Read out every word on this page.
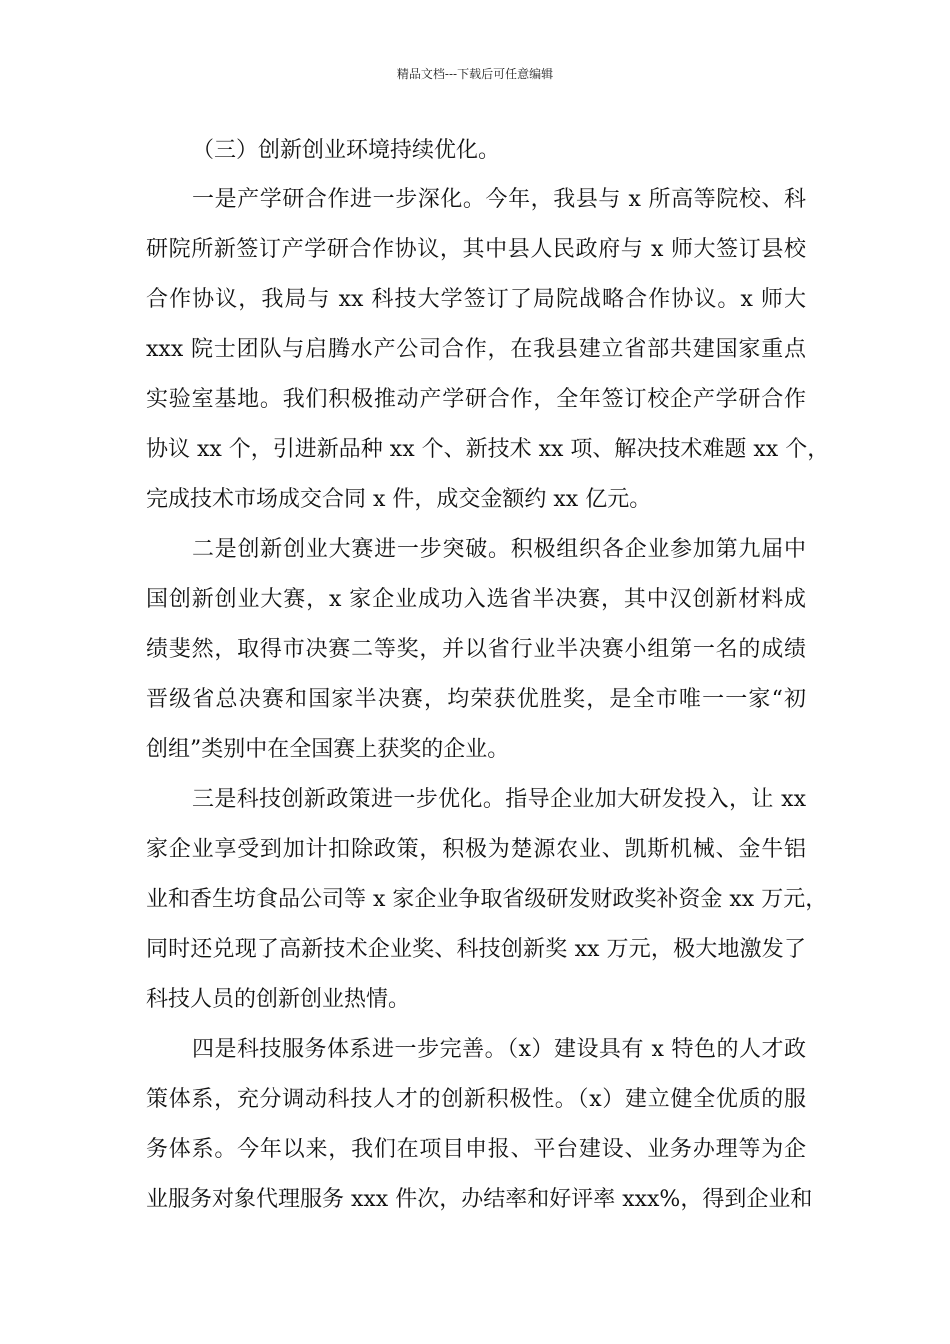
精品文档---下载后可任意编辑
（三）创新创业环境持续优化。
一是产学研合作进一步深化。今年，我县与 x 所高等院校、科
研院所新签订产学研合作协议，其中县人民政府与 x 师大签订县校
合作协议，我局与 xx 科技大学签订了局院战略合作协议。x 师大
xxx 院士团队与启腾水产公司合作，在我县建立省部共建国家重点
实验室基地。我们积极推动产学研合作，全年签订校企产学研合作
协议 xx 个，引进新品种 xx 个、新技术 xx 项、解决技术难题 xx 个，
完成技术市场成交合同 x 件，成交金额约 xx 亿元。
二是创新创业大赛进一步突破。积极组织各企业参加第九届中
国创新创业大赛，x 家企业成功入选省半决赛，其中汉创新材料成
绩斐然，取得市决赛二等奖，并以省行业半决赛小组第一名的成绩
晋级省总决赛和国家半决赛，均荣获优胜奖，是全市唯一一家“初
创组”类别中在全国赛上获奖的企业。
三是科技创新政策进一步优化。指导企业加大研发投入，让 xx
家企业享受到加计扣除政策，积极为楚源农业、凯斯机械、金牛铝
业和香生坊食品公司等 x 家企业争取省级研发财政奖补资金 xx 万元，
同时还兑现了高新技术企业奖、科技创新奖 xx 万元，极大地激发了
科技人员的创新创业热情。
四是科技服务体系进一步完善。（x）建设具有 x 特色的人才政
策体系，充分调动科技人才的创新积极性。（x）建立健全优质的服
务体系。今年以来，我们在项目申报、平台建设、业务办理等为企
业服务对象代理服务 xxx 件次，办结率和好评率 xxx%，得到企业和
